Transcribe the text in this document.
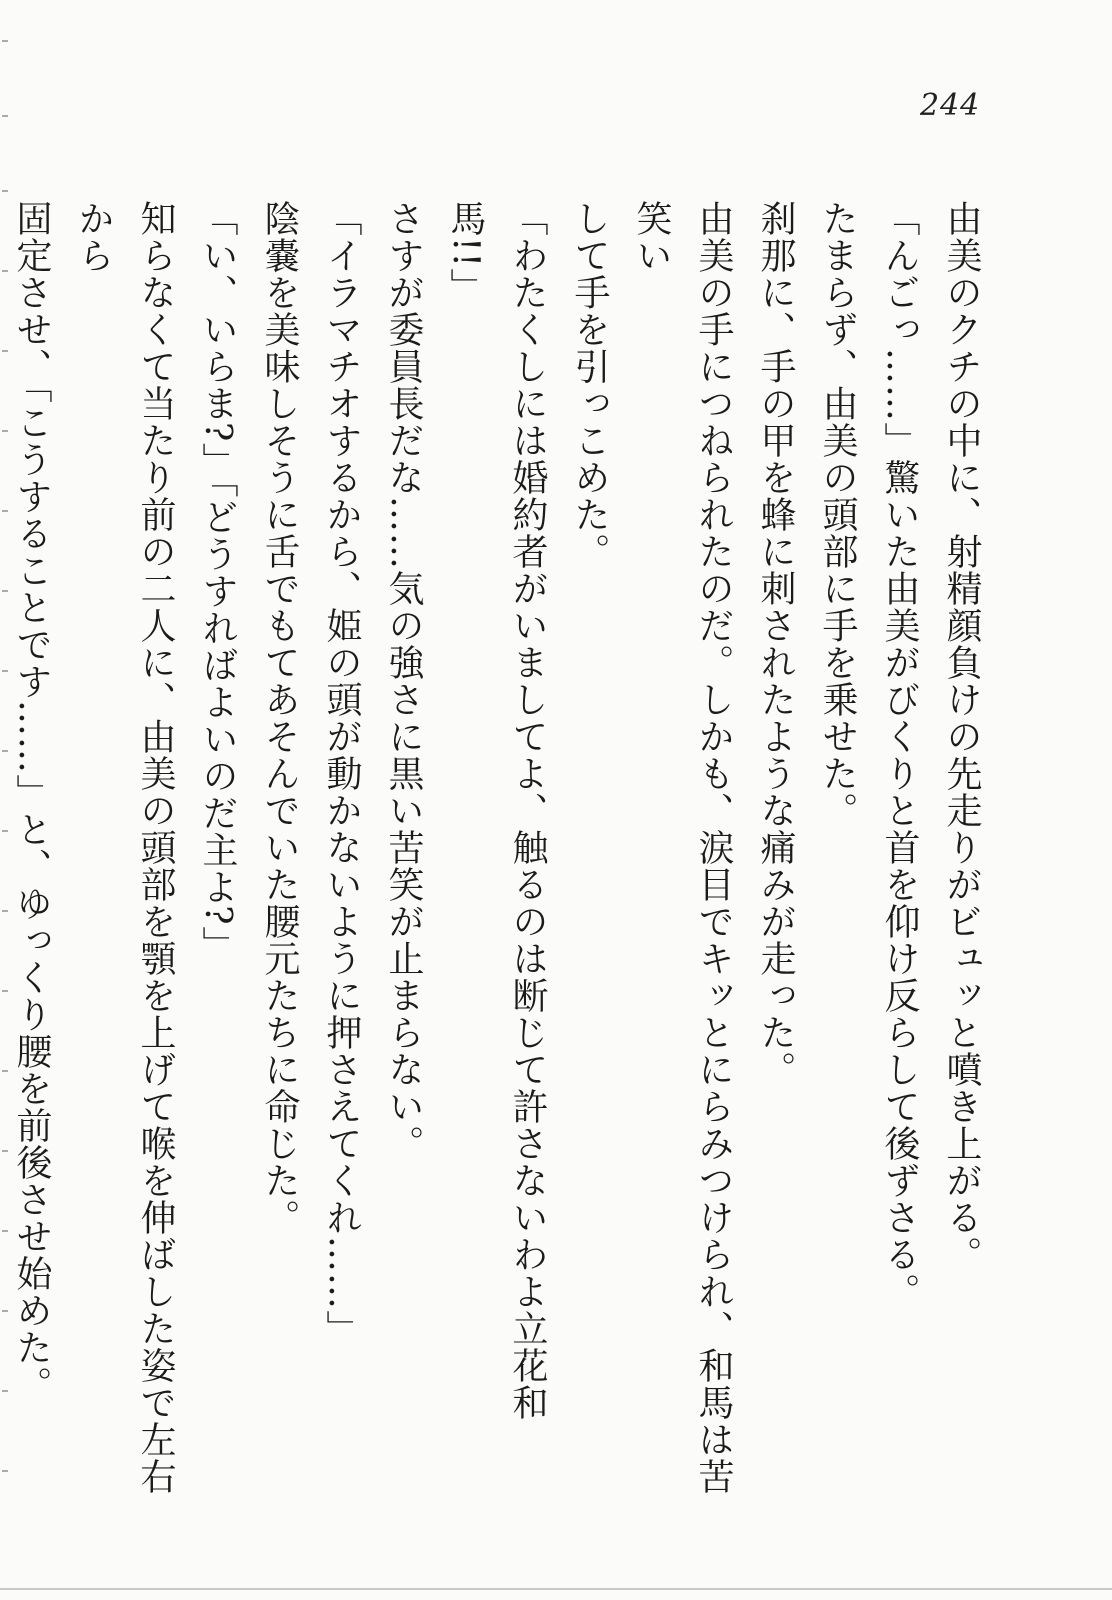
244

由美のクチの中に、射精顔負けの先走りがビュッと噴き上がる。

「んごっ……」驚いた由美がびくりと首を仰け反らして後ずさる。

たまらず、由美の頭部に手を乗せた。

刹那に、手の甲を蜂に刺されたような痛みが走った。

由美の手につねられたのだ。しかも、涙目でキッとにらみつけられ、和馬は苦笑い

して手を引っこめた。

「わたくしには婚約者がいましてよ、触るのは断じて許さないわよ立花和馬!!」

さすが委員長だな……気の強さに黒い苦笑が止まらない。

「イラマチオするから、姫の頭が動かないように押さえてくれ……」

陰嚢を美味しそうに舌でもてあそんでいた腰元たちに命じた。

「い、いらま?」「どうすればよいのだ主よ?」

知らなくて当たり前の二人に、由美の頭部を顎を上げて喉を伸ばした姿で左右から

固定させ、「こうすることです……」と、ゆっくり腰を前後させ始めた。
